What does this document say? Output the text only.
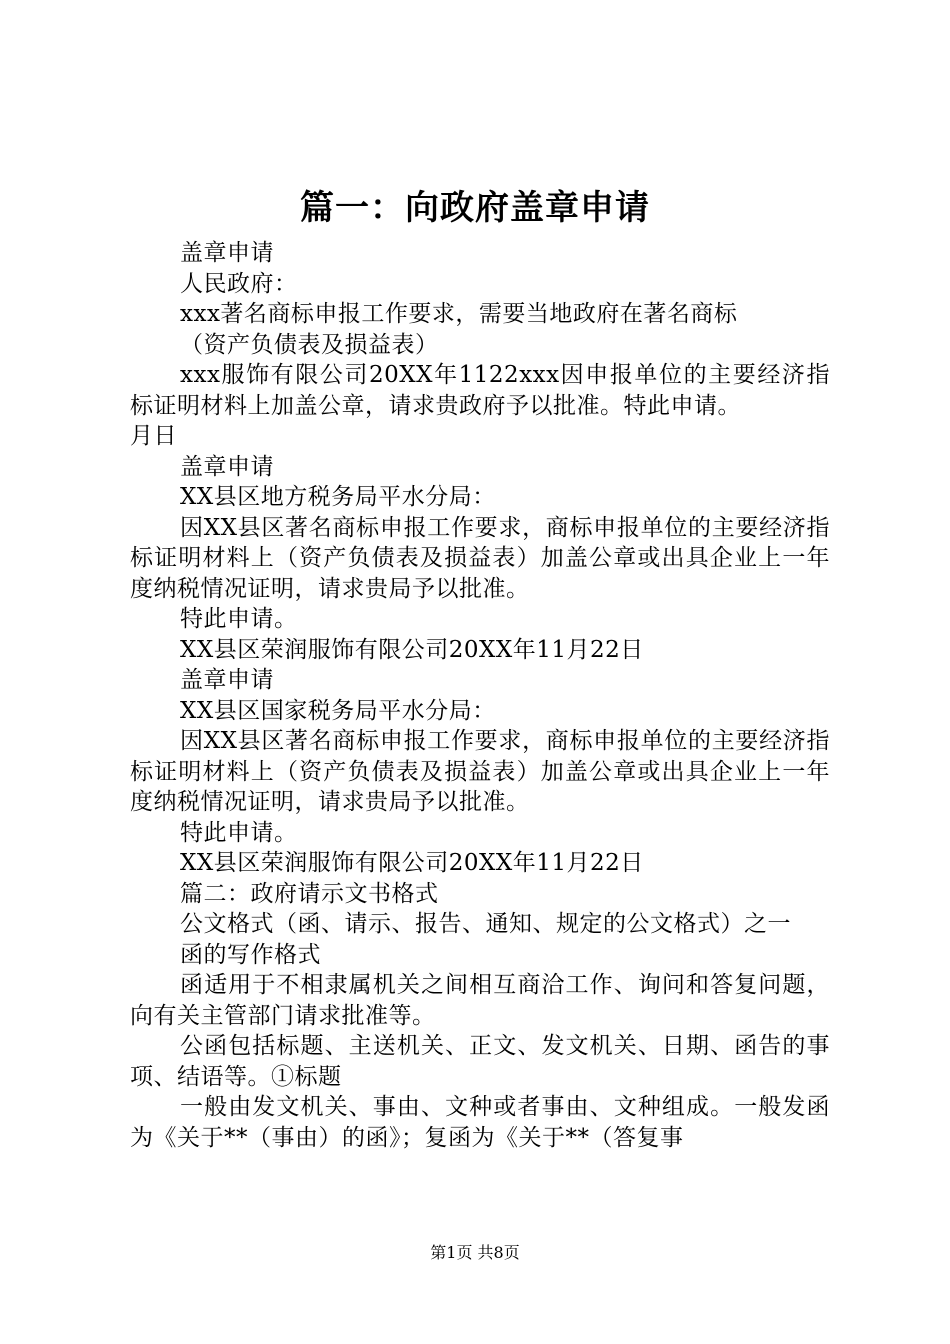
篇一：向政府盖章申请

盖章申请

人民政府：

xxx著名商标申报工作要求，需要当地政府在著名商标

（资产负债表及损益表）

xxx服饰有限公司20XX年1122xxx因申报单位的主要经济指标证明材料上加盖公章，请求贵政府予以批准。特此申请。

月日

盖章申请

XX县区地方税务局平水分局：

因XX县区著名商标申报工作要求，商标申报单位的主要经济指标证明材料上（资产负债表及损益表）加盖公章或出具企业上一年度纳税情况证明，请求贵局予以批准。

特此申请。

XX县区荣润服饰有限公司20XX年11月22日

盖章申请

XX县区国家税务局平水分局：

因XX县区著名商标申报工作要求，商标申报单位的主要经济指标证明材料上（资产负债表及损益表）加盖公章或出具企业上一年度纳税情况证明，请求贵局予以批准。

特此申请。

XX县区荣润服饰有限公司20XX年11月22日

篇二：政府请示文书格式

公文格式（函、请示、报告、通知、规定的公文格式）之一

函的写作格式

函适用于不相隶属机关之间相互商洽工作、询问和答复问题，向有关主管部门请求批准等。

公函包括标题、主送机关、正文、发文机关、日期、函告的事项、结语等。①标题

一般由发文机关、事由、文种或者事由、文种组成。一般发函为《关于**（事由）的函》；复函为《关于**（答复事

第1页 共8页
